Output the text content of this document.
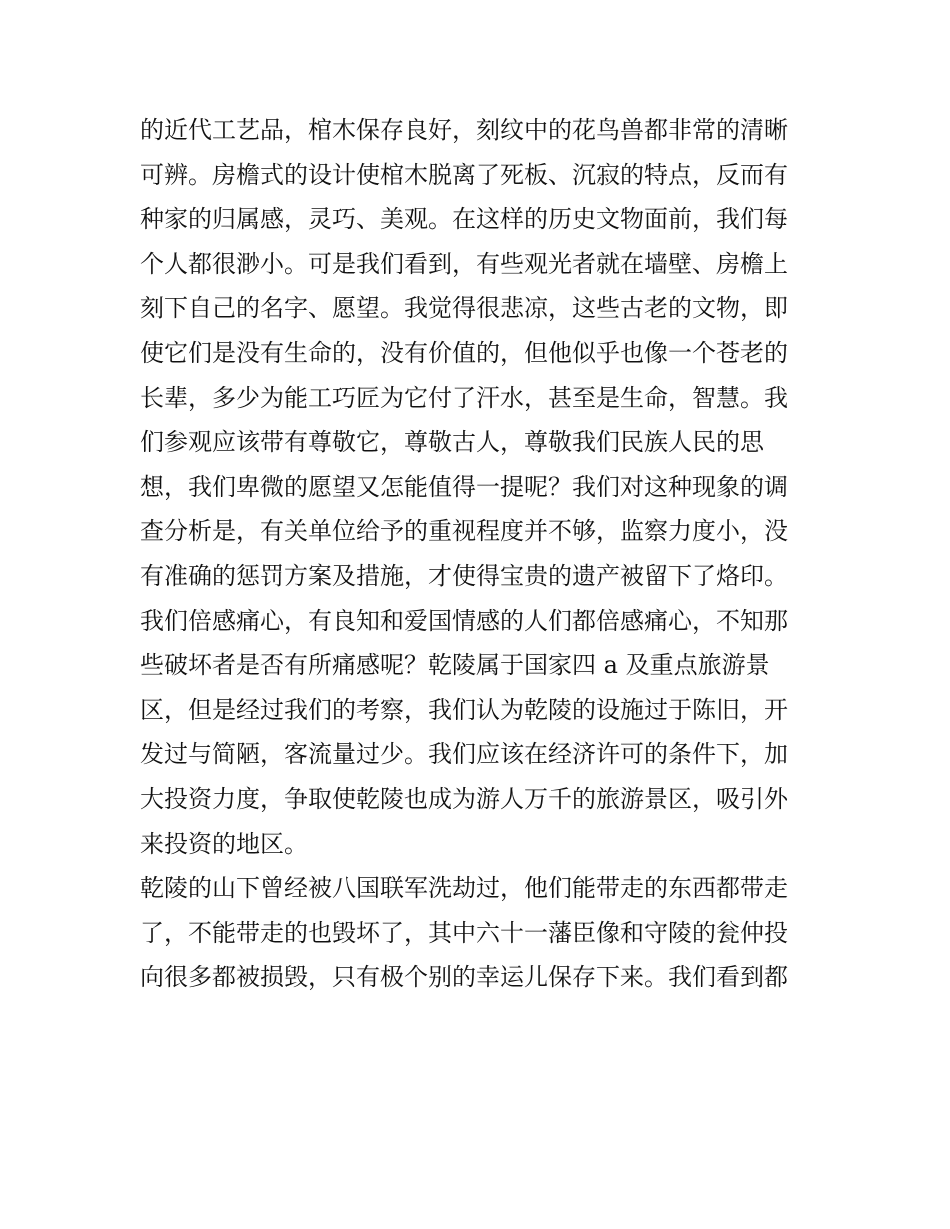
的近代工艺品，棺木保存良好，刻纹中的花鸟兽都非常的清晰
可辨。房檐式的设计使棺木脱离了死板、沉寂的特点，反而有
种家的归属感，灵巧、美观。在这样的历史文物面前，我们每
个人都很渺小。可是我们看到，有些观光者就在墙壁、房檐上
刻下自己的名字、愿望。我觉得很悲凉，这些古老的文物，即
使它们是没有生命的，没有价值的，但他似乎也像一个苍老的
长辈，多少为能工巧匠为它付了汗水，甚至是生命，智慧。我
们参观应该带有尊敬它，尊敬古人，尊敬我们民族人民的思
想，我们卑微的愿望又怎能值得一提呢？我们对这种现象的调
查分析是，有关单位给予的重视程度并不够，监察力度小，没
有准确的惩罚方案及措施，才使得宝贵的遗产被留下了烙印。
我们倍感痛心，有良知和爱国情感的人们都倍感痛心，不知那
些破坏者是否有所痛感呢？乾陵属于国家四 a 及重点旅游景
区，但是经过我们的考察，我们认为乾陵的设施过于陈旧，开
发过与简陋，客流量过少。我们应该在经济许可的条件下，加
大投资力度，争取使乾陵也成为游人万千的旅游景区，吸引外
来投资的地区。
乾陵的山下曾经被八国联军洗劫过，他们能带走的东西都带走
了，不能带走的也毁坏了，其中六十一藩臣像和守陵的瓮仲投
向很多都被损毁，只有极个别的幸运儿保存下来。我们看到都
